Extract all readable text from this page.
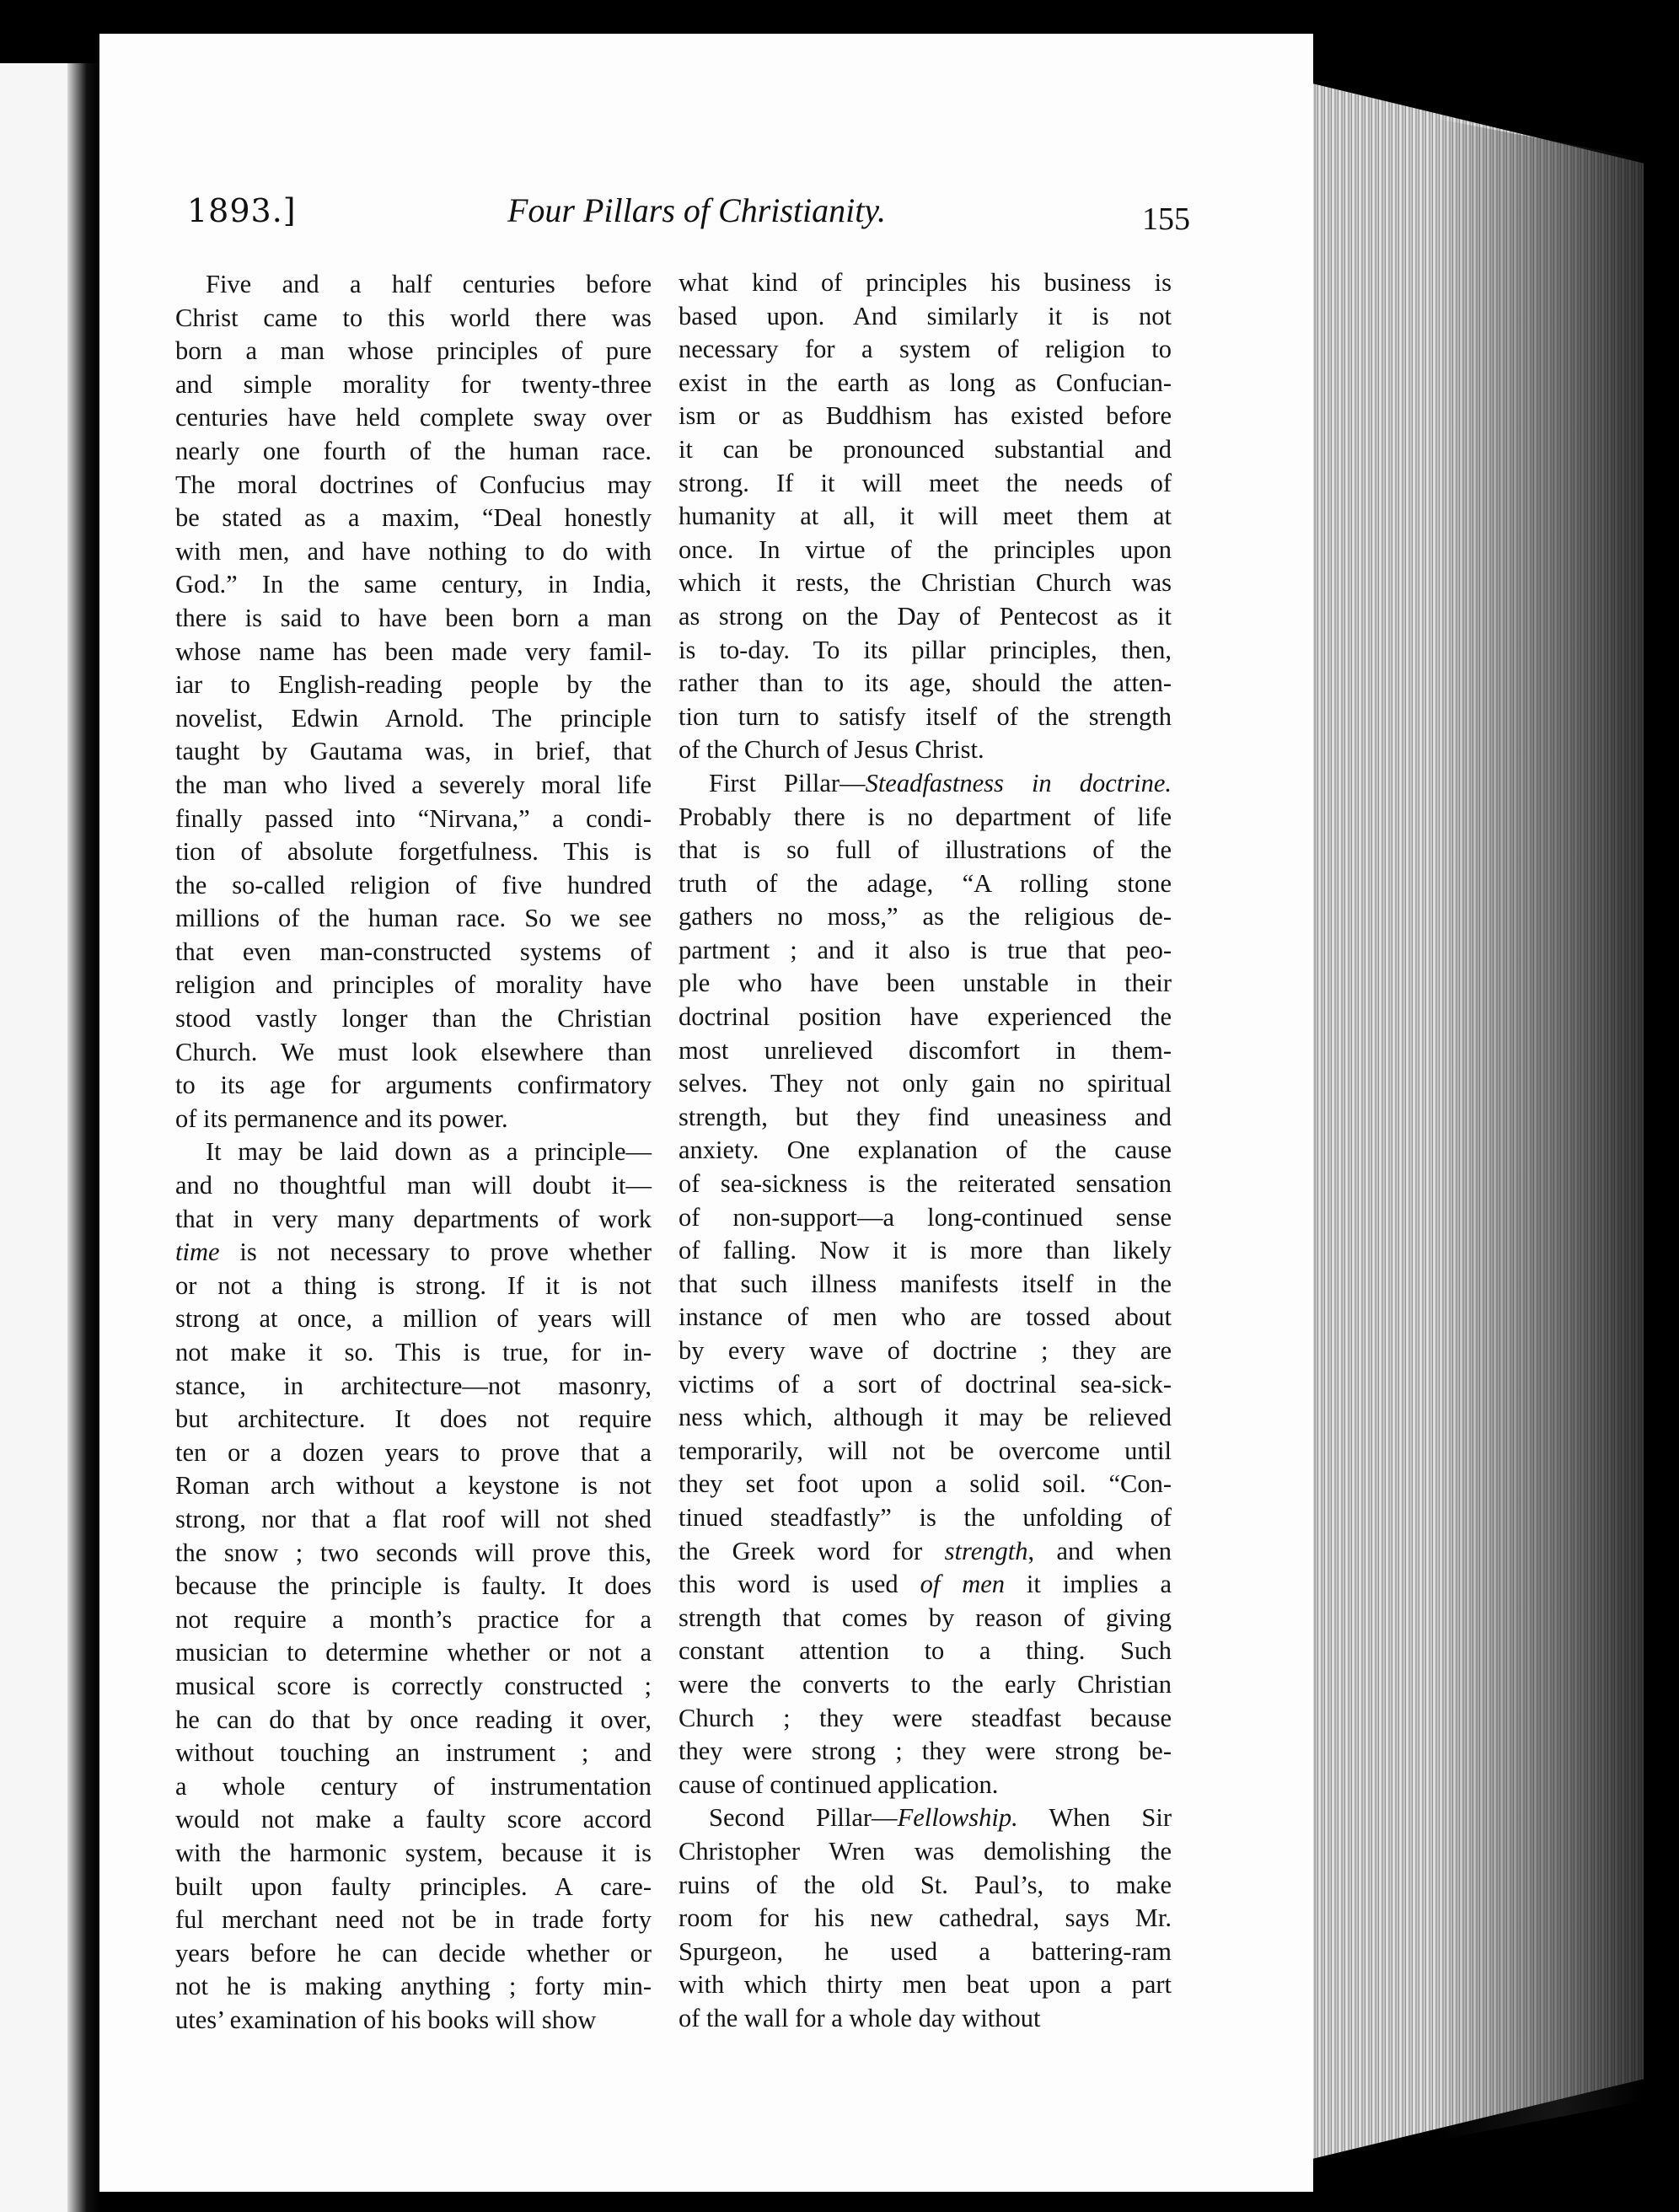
1893.]	Four Pillars of Christianity.	155

Five and a half centuries before

Christ came to this world there was

born a man whose principles of pure

and simple morality for twenty-three

centuries have held complete sway over

nearly one fourth of the human race.

The moral doctrines of Confucius may

be stated as a maxim, “Deal honestly

with men, and have nothing to do with

God.” In the same century, in India,

there is said to have been born a man

whose name has been made very famil-

iar to English-reading people by the

novelist, Edwin Arnold. The principle

taught by Gautama was, in brief, that

the man who lived a severely moral life

finally passed into “Nirvana,” a condi-

tion of absolute forgetfulness. This is

the so-called religion of five hundred

millions of the human race. So we see

that even man-constructed systems of

religion and principles of morality have

stood vastly longer than the Christian

Church. We must look elsewhere than

to its age for arguments confirmatory

of its permanence and its power.

It may be laid down as a principle—

and no thoughtful man will doubt it—

that in very many departments of work

time is not necessary to prove whether

or not a thing is strong. If it is not

strong at once, a million of years will

not make it so. This is true, for in-

stance, in architecture—not masonry,

but architecture. It does not require

ten or a dozen years to prove that a

Roman arch without a keystone is not

strong, nor that a flat roof will not shed

the snow ; two seconds will prove this,

because the principle is faulty. It does

not require a month’s practice for a

musician to determine whether or not a

musical score is correctly constructed ;

he can do that by once reading it over,

without touching an instrument ; and

a whole century of instrumentation

would not make a faulty score accord

with the harmonic system, because it is

built upon faulty principles. A care-

ful merchant need not be in trade forty

years before he can decide whether or

not he is making anything ; forty min-

utes’ examination of his books will show

what kind of principles his business is

based upon. And similarly it is not

necessary for a system of religion to

exist in the earth as long as Confucian-

ism or as Buddhism has existed before

it can be pronounced substantial and

strong. If it will meet the needs of

humanity at all, it will meet them at

once. In virtue of the principles upon

which it rests, the Christian Church was

as strong on the Day of Pentecost as it

is to-day. To its pillar principles, then,

rather than to its age, should the atten-

tion turn to satisfy itself of the strength

of the Church of Jesus Christ.

First Pillar—Steadfastness in doctrine.

Probably there is no department of life

that is so full of illustrations of the

truth of the adage, “A rolling stone

gathers no moss,” as the religious de-

partment ; and it also is true that peo-

ple who have been unstable in their

doctrinal position have experienced the

most unrelieved discomfort in them-

selves. They not only gain no spiritual

strength, but they find uneasiness and

anxiety. One explanation of the cause

of sea-sickness is the reiterated sensation

of non-support—a long-continued sense

of falling. Now it is more than likely

that such illness manifests itself in the

instance of men who are tossed about

by every wave of doctrine ; they are

victims of a sort of doctrinal sea-sick-

ness which, although it may be relieved

temporarily, will not be overcome until

they set foot upon a solid soil. “Con-

tinued steadfastly” is the unfolding of

the Greek word for strength, and when

this word is used of men it implies a

strength that comes by reason of giving

constant attention to a thing. Such

were the converts to the early Christian

Church ; they were steadfast because

they were strong ; they were strong be-

cause of continued application.

Second Pillar—Fellowship. When Sir

Christopher Wren was demolishing the

ruins of the old St. Paul’s, to make

room for his new cathedral, says Mr.

Spurgeon, he used a battering-ram

with which thirty men beat upon a part

of the wall for a whole day without
